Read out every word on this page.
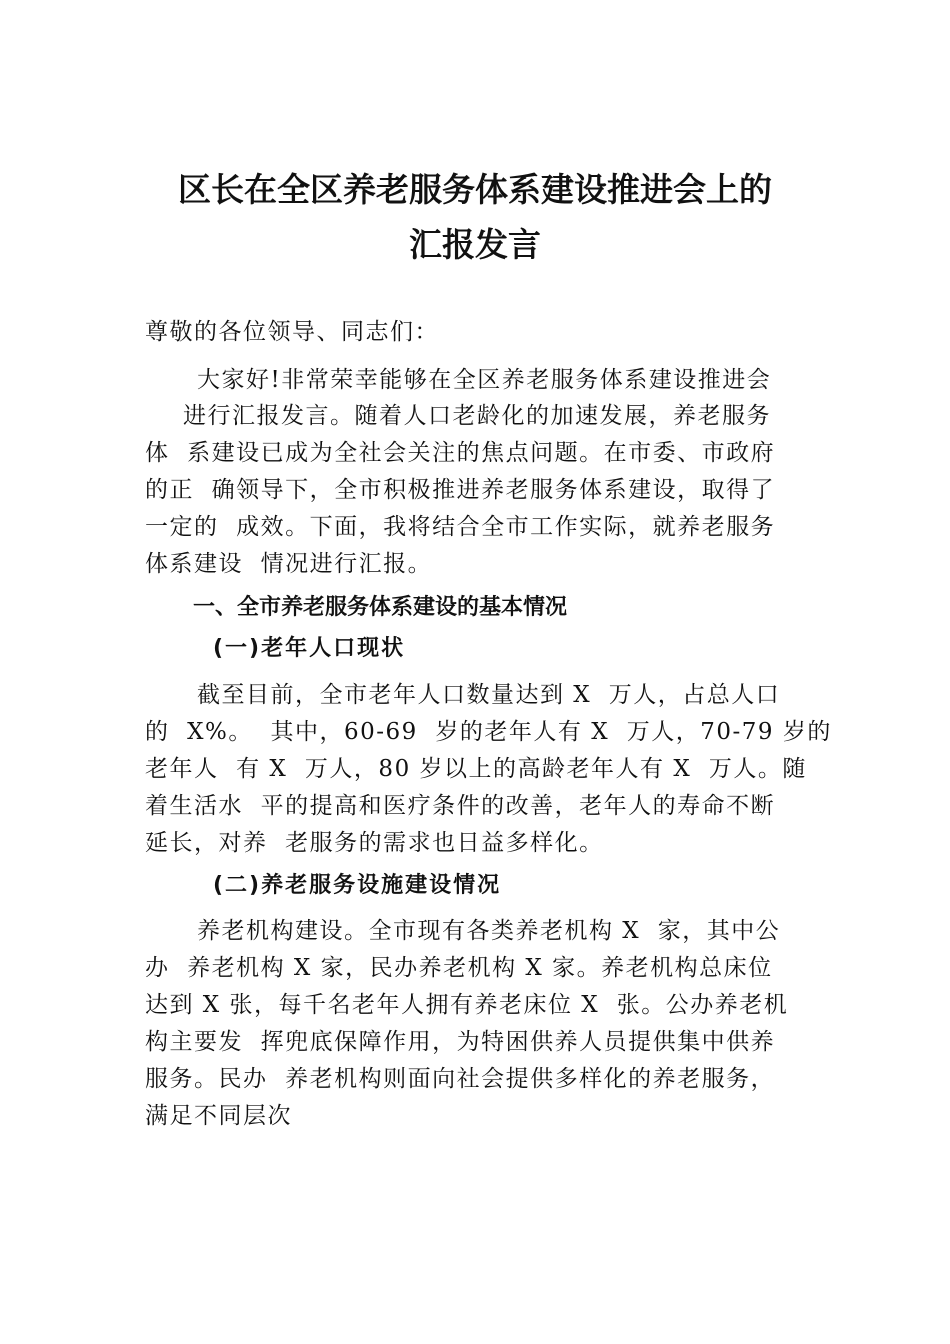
区长在全区养老服务体系建设推进会上的
汇报发言
尊敬的各位领导、同志们：
大家好!非常荣幸能够在全区养老服务体系建设推进会
进行汇报发言。随着人口老龄化的加速发展，养老服务
体  系建设已成为全社会关注的焦点问题。在市委、市政府
的正  确领导下，全市积极推进养老服务体系建设，取得了
一定的  成效。下面，我将结合全市工作实际，就养老服务
体系建设  情况进行汇报。
一、全市养老服务体系建设的基本情况
(一)老年人口现状
截至目前，全市老年人口数量达到 X  万人，占总人口
的  X%。  其中，60-69  岁的老年人有 X  万人，70-79 岁的
老年人  有 X  万人，80 岁以上的高龄老年人有 X  万人。随
着生活水  平的提高和医疗条件的改善，老年人的寿命不断
延长，对养  老服务的需求也日益多样化。
(二)养老服务设施建设情况
养老机构建设。全市现有各类养老机构 X  家，其中公
办  养老机构 X 家，民办养老机构 X 家。养老机构总床位
达到 X 张，每千名老年人拥有养老床位 X  张。公办养老机
构主要发  挥兜底保障作用，为特困供养人员提供集中供养
服务。民办  养老机构则面向社会提供多样化的养老服务，
满足不同层次
